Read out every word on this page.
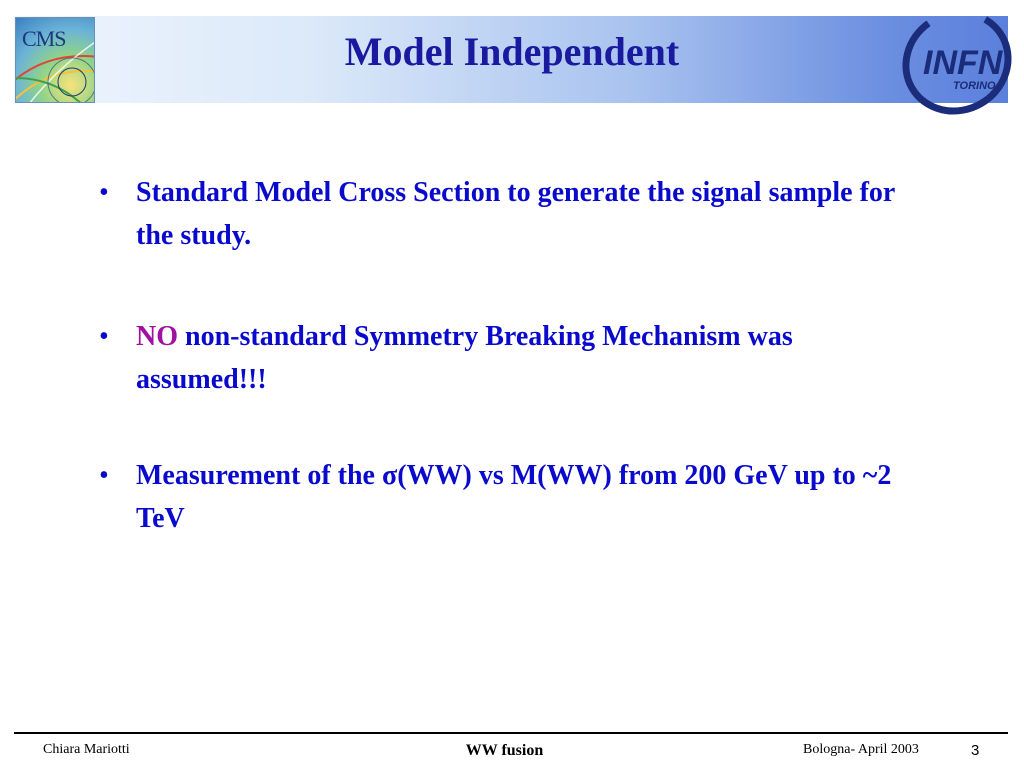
CMS	Model Independent	INFN
TORINO

• Standard Model Cross Section to generate the signal sample for the study.

• NO non-standard Symmetry Breaking Mechanism was assumed!!!

• Measurement of the σ(WW) vs M(WW) from 200 GeV up to ~2 TeV

Chiara Mariotti	WW fusion	Bologna- April 2003	3
